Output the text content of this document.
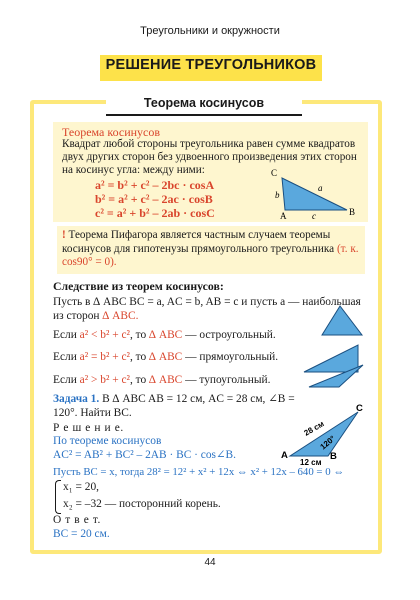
Треугольники и окружности
РЕШЕНИЕ ТРЕУГОЛЬНИКОВ
Теорема косинусов
Теорема косинусов
Квадрат любой стороны треугольника равен сумме квадратов двух других сторон без удвоенного произведения этих сторон на косинус угла: между ними:
a² = b² + c² – 2bc · cosA
b² = a² + c² – 2ac · cosB
c² = a² + b² – 2ab · cosC
C
a
b
A	c	B
! Теорема Пифагора является частным случаем теоремы косинусов для гипотенузы прямоугольного треугольника (т. к. cos90° = 0).
Следствие из теорем косинусов:
Пусть в ∆ ABC BC = a, AC = b, AB = c и пусть a — наибольшая из сторон ∆ ABC.
Если a² < b² + c², то ∆ ABC — остроугольный.
Если a² = b² + c², то ∆ ABC — прямоугольный.
Если a² > b² + c², то ∆ ABC — тупоугольный.
Задача 1. В ∆ ABC AB = 12 см, AC = 28 см, ∠B = 120°. Найти BC.
Р е ш е н и е.
По теореме косинусов
AC² = AB² + BC² – 2AB · BC · cos∠B.
Пусть BC = x, тогда 28² = 12² + x² + 12x ⇔ x² + 12x – 640 = 0 ⇔
x₁ = 20,
x₂ = –32 — посторонний корень.
О т в е т.
BC = 20 см.
C
A	B
12 см
28 см
120°
44
